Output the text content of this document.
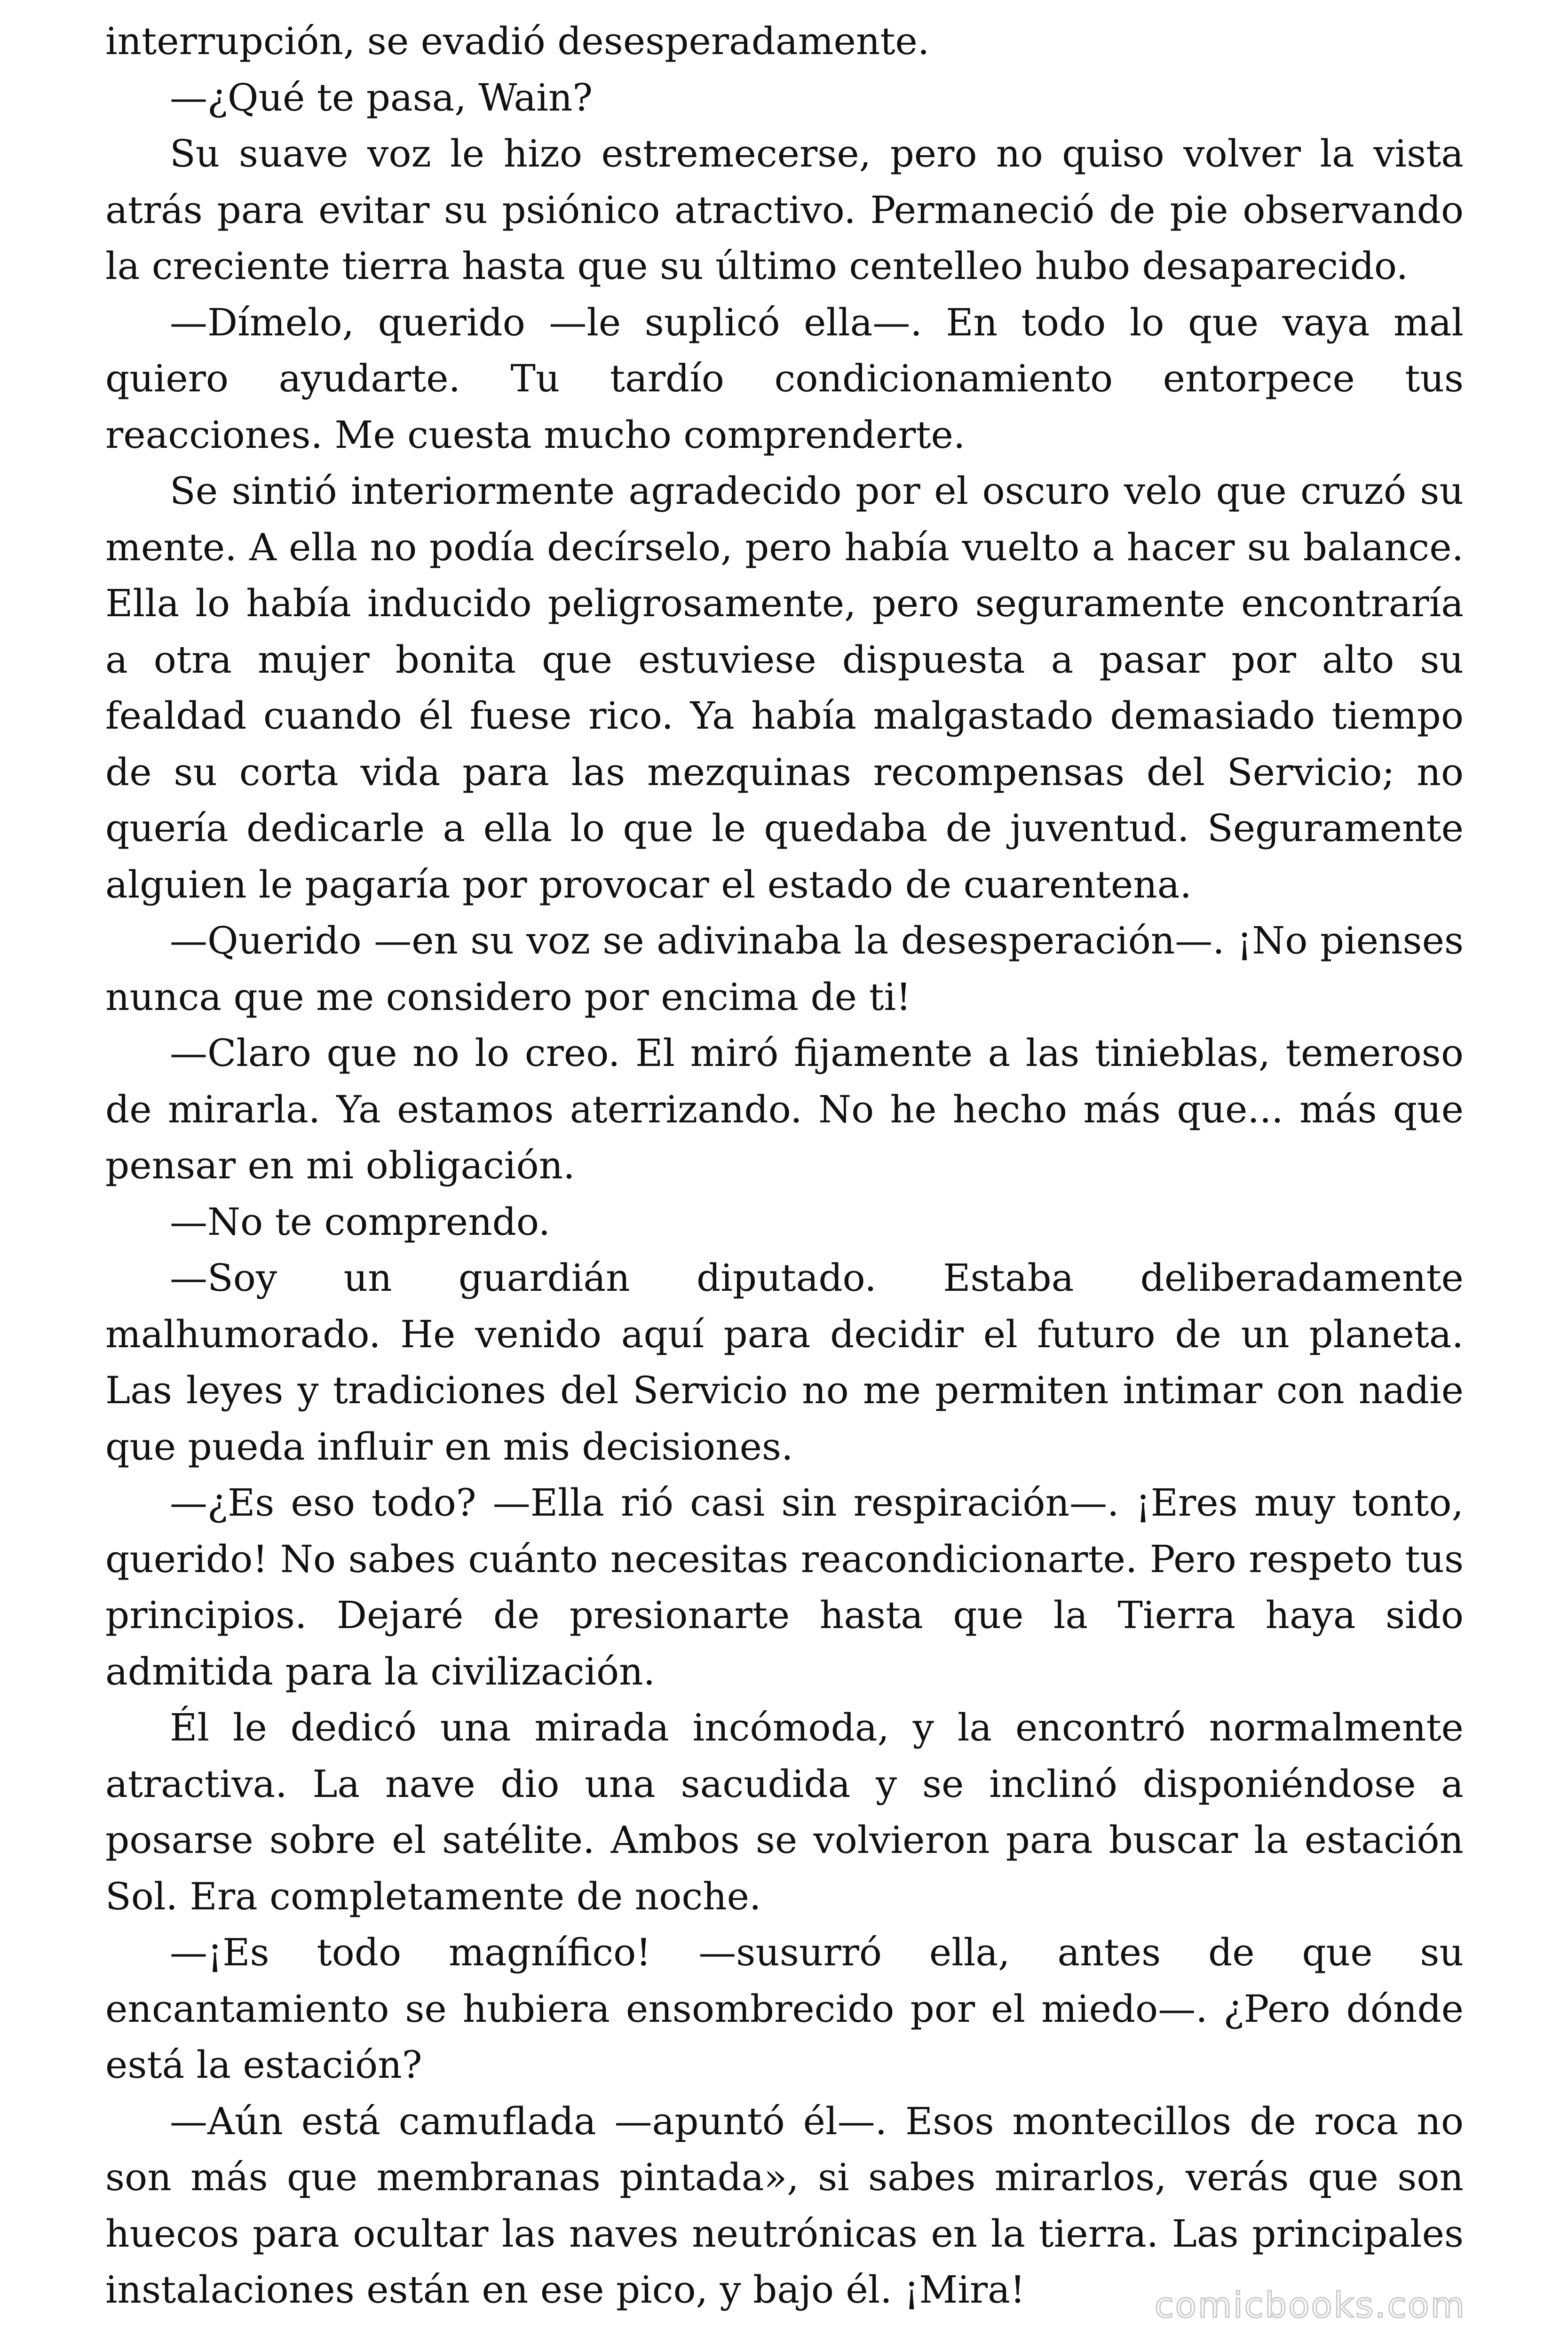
interrupción, se evadió desesperadamente.

—¿Qué te pasa, Wain?

Su suave voz le hizo estremecerse, pero no quiso volver la vista atrás para evitar su psiónico atractivo. Permaneció de pie observando la creciente tierra hasta que su último centelleo hubo desaparecido.

—Dímelo, querido —le suplicó ella—. En todo lo que vaya mal quiero ayudarte. Tu tardío condicionamiento entorpece tus reacciones. Me cuesta mucho comprenderte.

Se sintió interiormente agradecido por el oscuro velo que cruzó su mente. A ella no podía decírselo, pero había vuelto a hacer su balance. Ella lo había inducido peligrosamente, pero seguramente encontraría a otra mujer bonita que estuviese dispuesta a pasar por alto su fealdad cuando él fuese rico. Ya había malgastado demasiado tiempo de su corta vida para las mezquinas recompensas del Servicio; no quería dedicarle a ella lo que le quedaba de juventud. Seguramente alguien le pagaría por provocar el estado de cuarentena.

—Querido —en su voz se adivinaba la desesperación—. ¡No pienses nunca que me considero por encima de ti!

—Claro que no lo creo. El miró fijamente a las tinieblas, temeroso de mirarla. Ya estamos aterrizando. No he hecho más que... más que pensar en mi obligación.

—No te comprendo.

—Soy un guardián diputado. Estaba deliberadamente malhumorado. He venido aquí para decidir el futuro de un planeta. Las leyes y tradiciones del Servicio no me permiten intimar con nadie que pueda influir en mis decisiones.

—¿Es eso todo? —Ella rió casi sin respiración—. ¡Eres muy tonto, querido! No sabes cuánto necesitas reacondicionarte. Pero respeto tus principios. Dejaré de presionarte hasta que la Tierra haya sido admitida para la civilización.

Él le dedicó una mirada incómoda, y la encontró normalmente atractiva. La nave dio una sacudida y se inclinó disponiéndose a posarse sobre el satélite. Ambos se volvieron para buscar la estación Sol. Era completamente de noche.

—¡Es todo magnífico! —susurró ella, antes de que su encantamiento se hubiera ensombrecido por el miedo—. ¿Pero dónde está la estación?

—Aún está camuflada —apuntó él—. Esos montecillos de roca no son más que membranas pintada», si sabes mirarlos, verás que son huecos para ocultar las naves neutrónicas en la tierra. Las principales instalaciones están en ese pico, y bajo él. ¡Mira!	comicbooks.com
